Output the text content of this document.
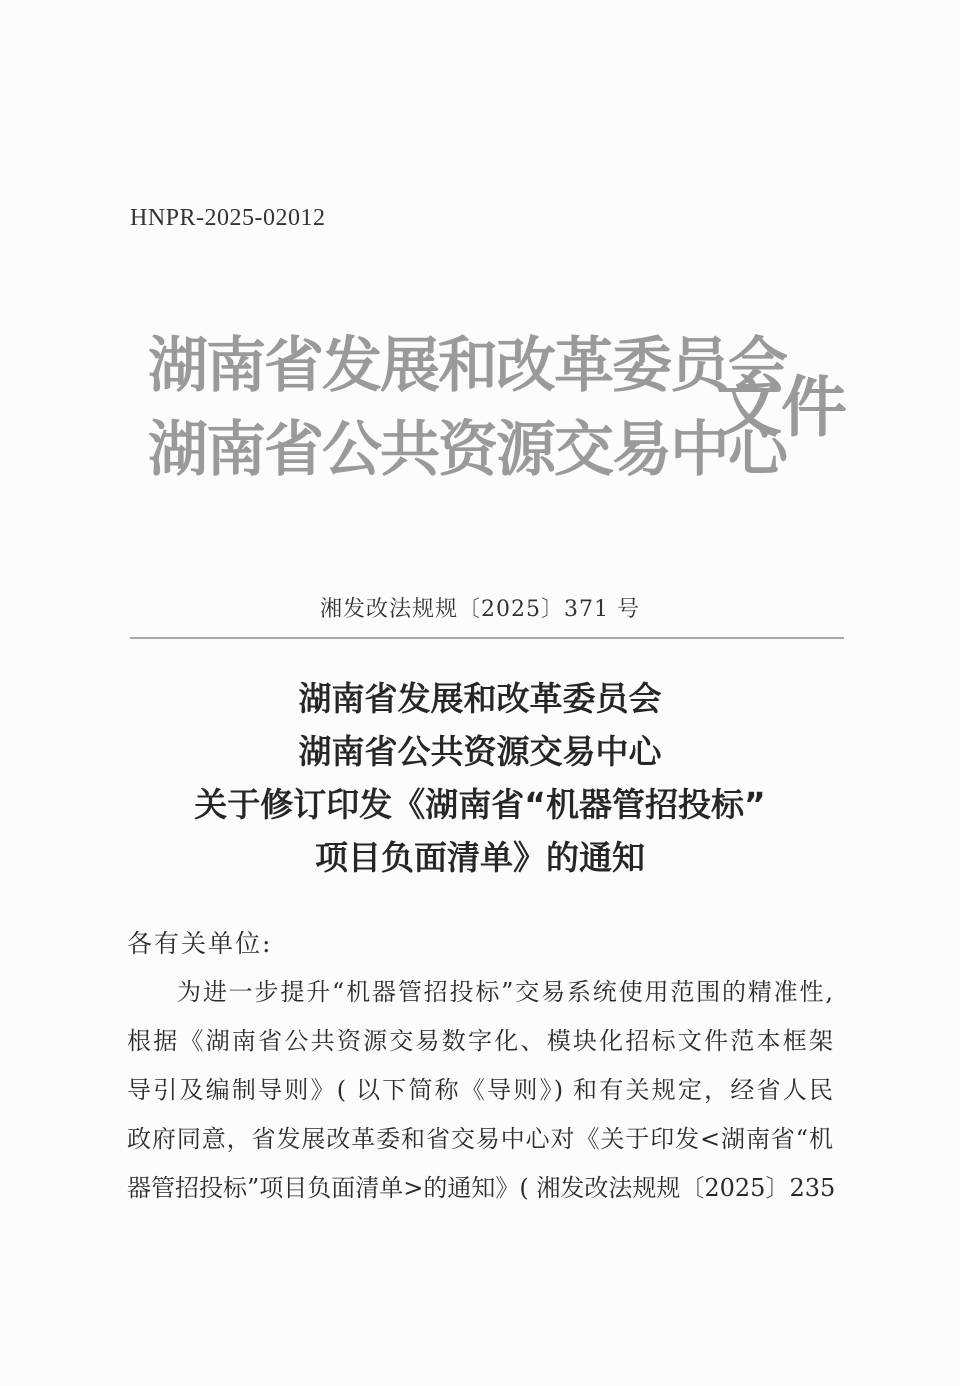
HNPR-2025-02012
湖南省发展和改革委员会
湖南省公共资源交易中心
文件
湘发改法规规〔2025〕371 号
湖南省发展和改革委员会
湖南省公共资源交易中心
关于修订印发《湖南省“机器管招投标”
项目负面清单》的通知
各有关单位:
为进一步提升“机器管招投标”交易系统使用范围的精准性,
根据《湖南省公共资源交易数字化、模块化招标文件范本框架
导引及编制导则》( 以下简称《导则》) 和有关规定，经省人民
政府同意，省发展改革委和省交易中心对《关于印发<湖南省“机
器管招投标”项目负面清单>的通知》( 湘发改法规规〔2025〕235
